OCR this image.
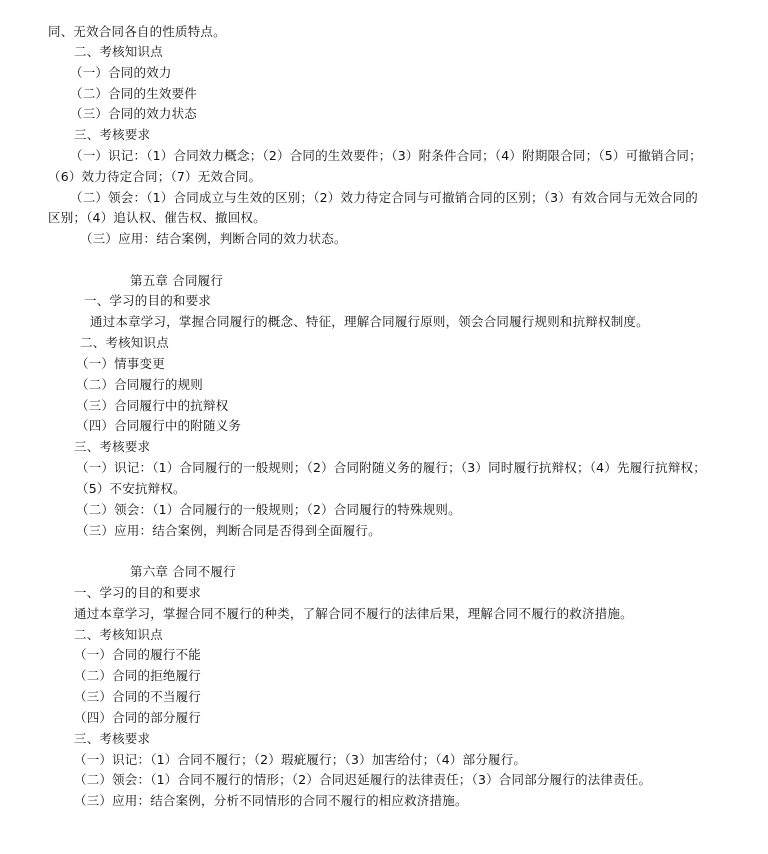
同、无效合同各自的性质特点。
二、考核知识点
（一）合同的效力
（二）合同的生效要件
（三）合同的效力状态
三、考核要求
（一）识记：（1）合同效力概念；（2）合同的生效要件；（3）附条件合同；（4）附期限合同；（5）可撤销合同；
（6）效力待定合同；（7）无效合同。
（二）领会：（1）合同成立与生效的区别；（2）效力待定合同与可撤销合同的区别；（3）有效合同与无效合同的
区别；（4）追认权、催告权、撤回权。
（三）应用：结合案例，判断合同的效力状态。
第五章 合同履行
一、学习的目的和要求
通过本章学习，掌握合同履行的概念、特征，理解合同履行原则，领会合同履行规则和抗辩权制度。
二、考核知识点
（一）情事变更
（二）合同履行的规则
（三）合同履行中的抗辩权
（四）合同履行中的附随义务
三、考核要求
（一）识记：（1）合同履行的一般规则；（2）合同附随义务的履行；（3）同时履行抗辩权；（4）先履行抗辩权；
（5）不安抗辩权。
（二）领会：（1）合同履行的一般规则；（2）合同履行的特殊规则。
（三）应用：结合案例，判断合同是否得到全面履行。
第六章 合同不履行
一、学习的目的和要求
通过本章学习，掌握合同不履行的种类，了解合同不履行的法律后果，理解合同不履行的救济措施。
二、考核知识点
（一）合同的履行不能
（二）合同的拒绝履行
（三）合同的不当履行
（四）合同的部分履行
三、考核要求
（一）识记：（1）合同不履行；（2）瑕疵履行；（3）加害给付；（4）部分履行。
（二）领会：（1）合同不履行的情形；（2）合同迟延履行的法律责任；（3）合同部分履行的法律责任。
（三）应用：结合案例，分析不同情形的合同不履行的相应救济措施。
